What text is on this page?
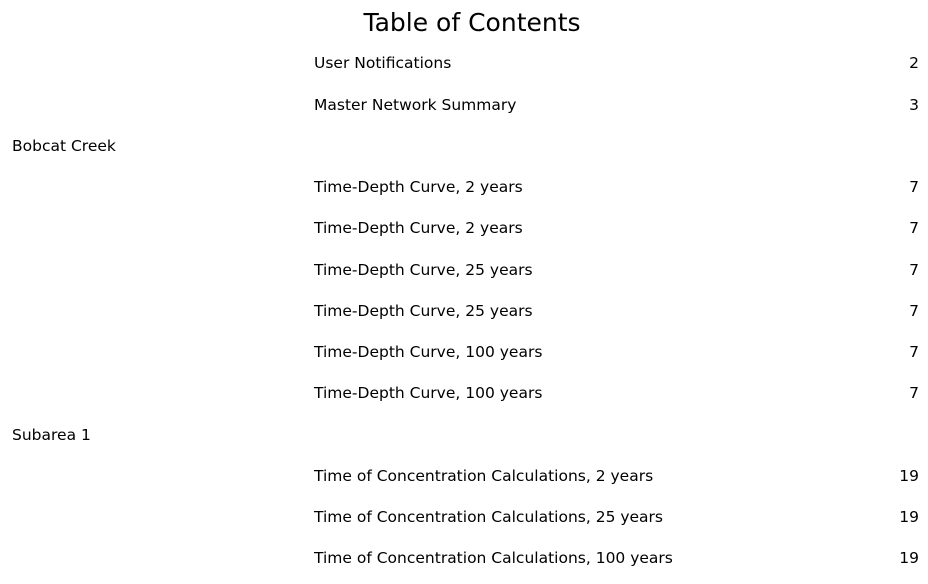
Table of Contents
User Notifications	2
Master Network Summary	3
Bobcat Creek
Time-Depth Curve, 2 years	7
Time-Depth Curve, 2 years	7
Time-Depth Curve, 25 years	7
Time-Depth Curve, 25 years	7
Time-Depth Curve, 100 years	7
Time-Depth Curve, 100 years	7
Subarea 1
Time of Concentration Calculations, 2 years	19
Time of Concentration Calculations, 25 years	19
Time of Concentration Calculations, 100 years	19
